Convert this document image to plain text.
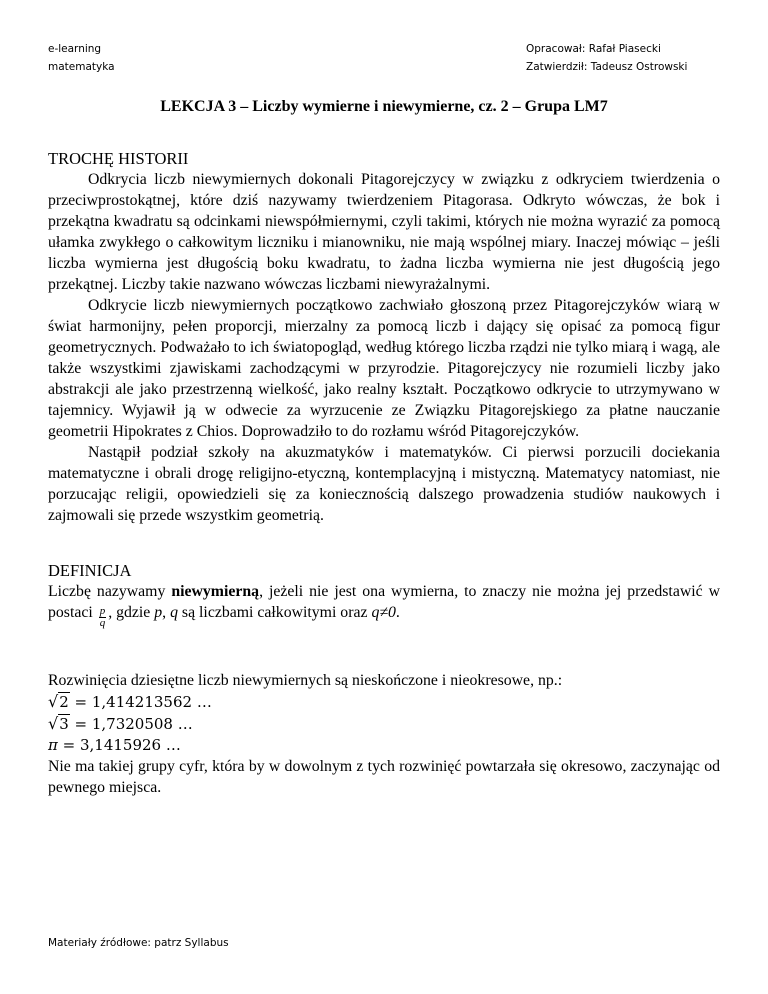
e-learning
matematyka
Opracował: Rafał Piasecki
Zatwierdził: Tadeusz Ostrowski
LEKCJA 3 – Liczby wymierne i niewymierne, cz. 2 – Grupa LM7

TROCHĘ HISTORII

Odkrycia liczb niewymiernych dokonali Pitagorejczycy w związku z odkryciem twierdzenia o przeciwprostokątnej, które dziś nazywamy twierdzeniem Pitagorasa. Odkryto wówczas, że bok i przekątna kwadratu są odcinkami niewspółmiernymi, czyli takimi, których nie można wyrazić za pomocą ułamka zwykłego o całkowitym liczniku i mianowniku, nie mają wspólnej miary. Inaczej mówiąc – jeśli liczba wymierna jest długością boku kwadratu, to żadna liczba wymierna nie jest długością jego przekątnej. Liczby takie nazwano wówczas liczbami niewyrażalnymi.

Odkrycie liczb niewymiernych początkowo zachwiało głoszoną przez Pitagorejczyków wiarą w świat harmonijny, pełen proporcji, mierzalny za pomocą liczb i dający się opisać za pomocą figur geometrycznych. Podważało to ich światopogląd, według którego liczba rządzi nie tylko miarą i wagą, ale także wszystkimi zjawiskami zachodzącymi w przyrodzie. Pitagorejczycy nie rozumieli liczby jako abstrakcji ale jako przestrzenną wielkość, jako realny kształt. Początkowo odkrycie to utrzymywano w tajemnicy. Wyjawił ją w odwecie za wyrzucenie ze Związku Pitagorejskiego za płatne nauczanie geometrii Hipokrates z Chios. Doprowadziło to do rozłamu wśród Pitagorejczyków.

Nastąpił podział szkoły na akuzmatyków i matematyków. Ci pierwsi porzucili dociekania matematyczne i obrali drogę religijno-etyczną, kontemplacyjną i mistyczną. Matematycy natomiast, nie porzucając religii, opowiedzieli się za koniecznością dalszego prowadzenia studiów naukowych i zajmowali się przede wszystkim geometrią.

DEFINICJA

Liczbę nazywamy niewymierną, jeżeli nie jest ona wymierna, to znaczy nie można jej przedstawić w postaci $\frac{p}{q}$ , gdzie p, q są liczbami całkowitymi oraz q≠0.

Rozwinięcia dziesiętne liczb niewymiernych są nieskończone i nieokresowe, np.:

√2 = 1,414213562 …

√3 = 1,7320508 …

π = 3,1415926 …

Nie ma takiej grupy cyfr, która by w dowolnym z tych rozwinięć powtarzała się okresowo, zaczynając od pewnego miejsca.

Materiały źródłowe: patrz Syllabus
